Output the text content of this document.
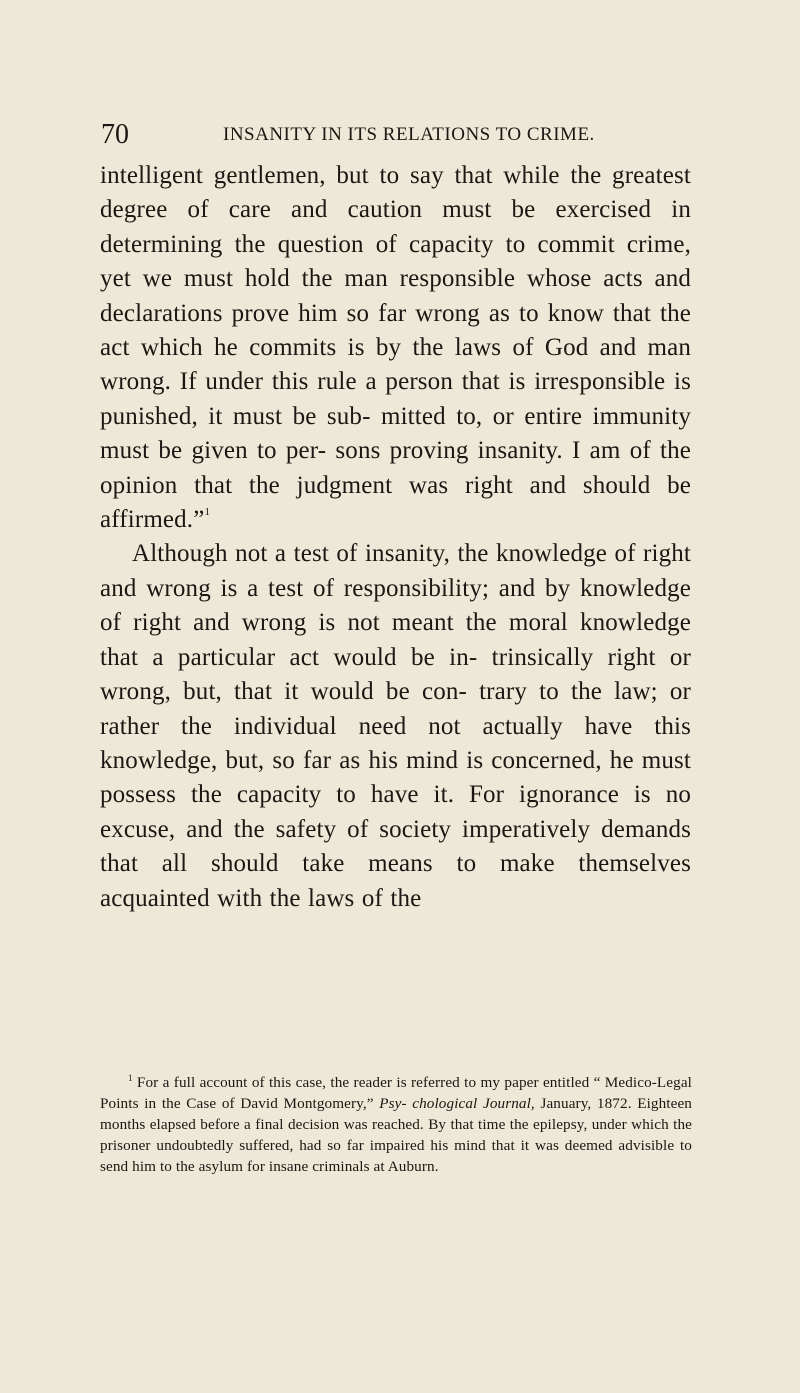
70	INSANITY IN ITS RELATIONS TO CRIME.

intelligent gentlemen, but to say that while the greatest degree of care and caution must be exercised in determining the question of capacity to commit crime, yet we must hold the man responsible whose acts and declarations prove him so far wrong as to know that the act which he commits is by the laws of God and man wrong. If under this rule a person that is irresponsible is punished, it must be sub- mitted to, or entire immunity must be given to per- sons proving insanity. I am of the opinion that the judgment was right and should be affirmed.”$^1$

Although not a test of insanity, the knowledge of right and wrong is a test of responsibility; and by knowledge of right and wrong is not meant the moral knowledge that a particular act would be in- trinsically right or wrong, but, that it would be con- trary to the law; or rather the individual need not actually have this knowledge, but, so far as his mind is concerned, he must possess the capacity to have it. For ignorance is no excuse, and the safety of society imperatively demands that all should take means to make themselves acquainted with the laws of the

$^1$ For a full account of this case, the reader is referred to my paper entitled “ Medico-Legal Points in the Case of David Montgomery,” Psy- chological Journal, January, 1872. Eighteen months elapsed before a final decision was reached. By that time the epilepsy, under which the prisoner undoubtedly suffered, had so far impaired his mind that it was deemed advisible to send him to the asylum for insane criminals at Auburn.
